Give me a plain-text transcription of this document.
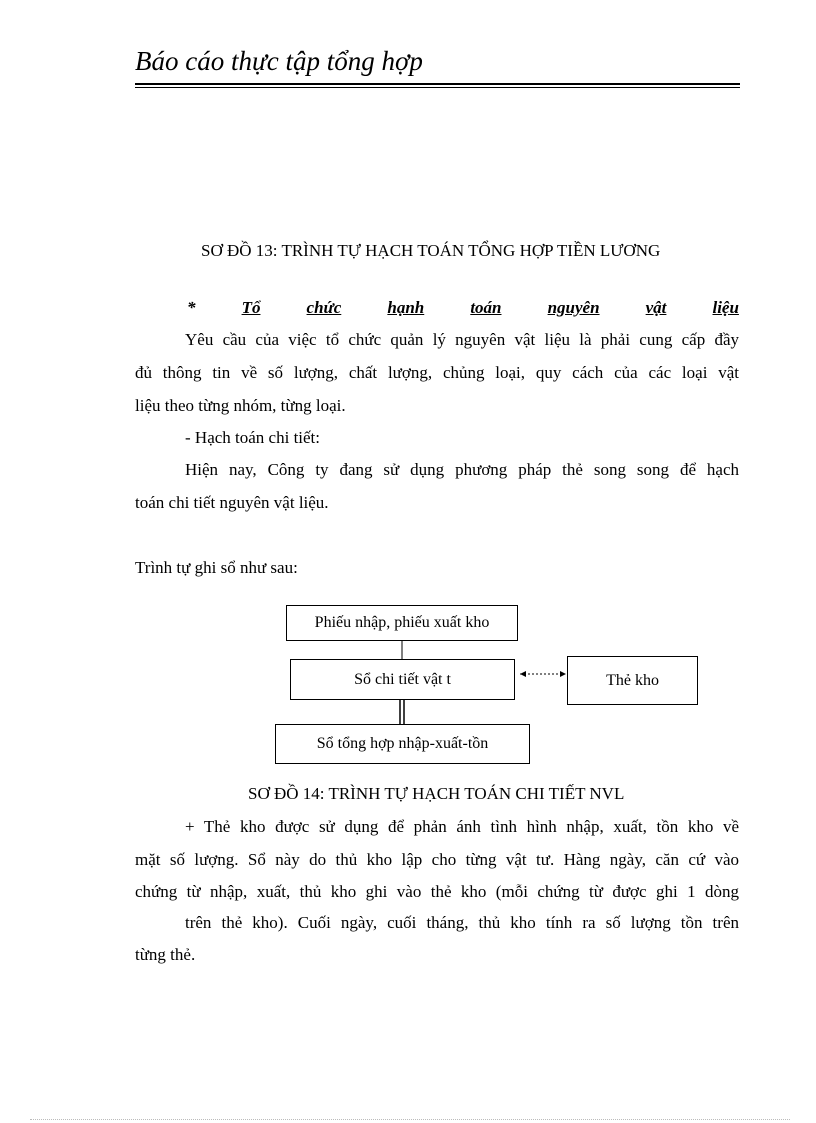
Báo cáo thực tập tổng hợp
SƠ ĐỒ 13: TRÌNH TỰ HẠCH TOÁN TỔNG HỢP TIỀN LƯƠNG
*	Tổ	chức	hạnh	toán	nguyên	vật	liệu
Yêu cầu của việc tổ chức quản lý nguyên vật liệu là phải cung cấp đầy
đủ thông tin về số lượng, chất lượng, chủng loại, quy cách của các loại vật
liệu theo từng nhóm, từng loại.
- Hạch toán chi tiết:
Hiện nay, Công ty đang sử dụng phương pháp thẻ song song để hạch
toán chi tiết nguyên vật liệu.
Trình tự ghi sổ như sau:
Phiếu nhập, phiếu xuất kho
Sổ chi tiết vật t	Thẻ kho
Sổ tổng hợp nhập-xuất-tồn
SƠ ĐỒ 14: TRÌNH TỰ HẠCH TOÁN CHI TIẾT NVL
+ Thẻ kho được sử dụng để phản ánh tình hình nhập, xuất, tồn kho về
mặt số lượng. Sổ này do thủ kho lập cho từng vật tư. Hàng ngày, căn cứ vào
chứng từ nhập, xuất, thủ kho ghi vào thẻ kho (mỗi chứng từ được ghi 1 dòng
trên thẻ kho). Cuối ngày, cuối tháng, thủ kho tính ra số lượng tồn trên
từng thẻ.
